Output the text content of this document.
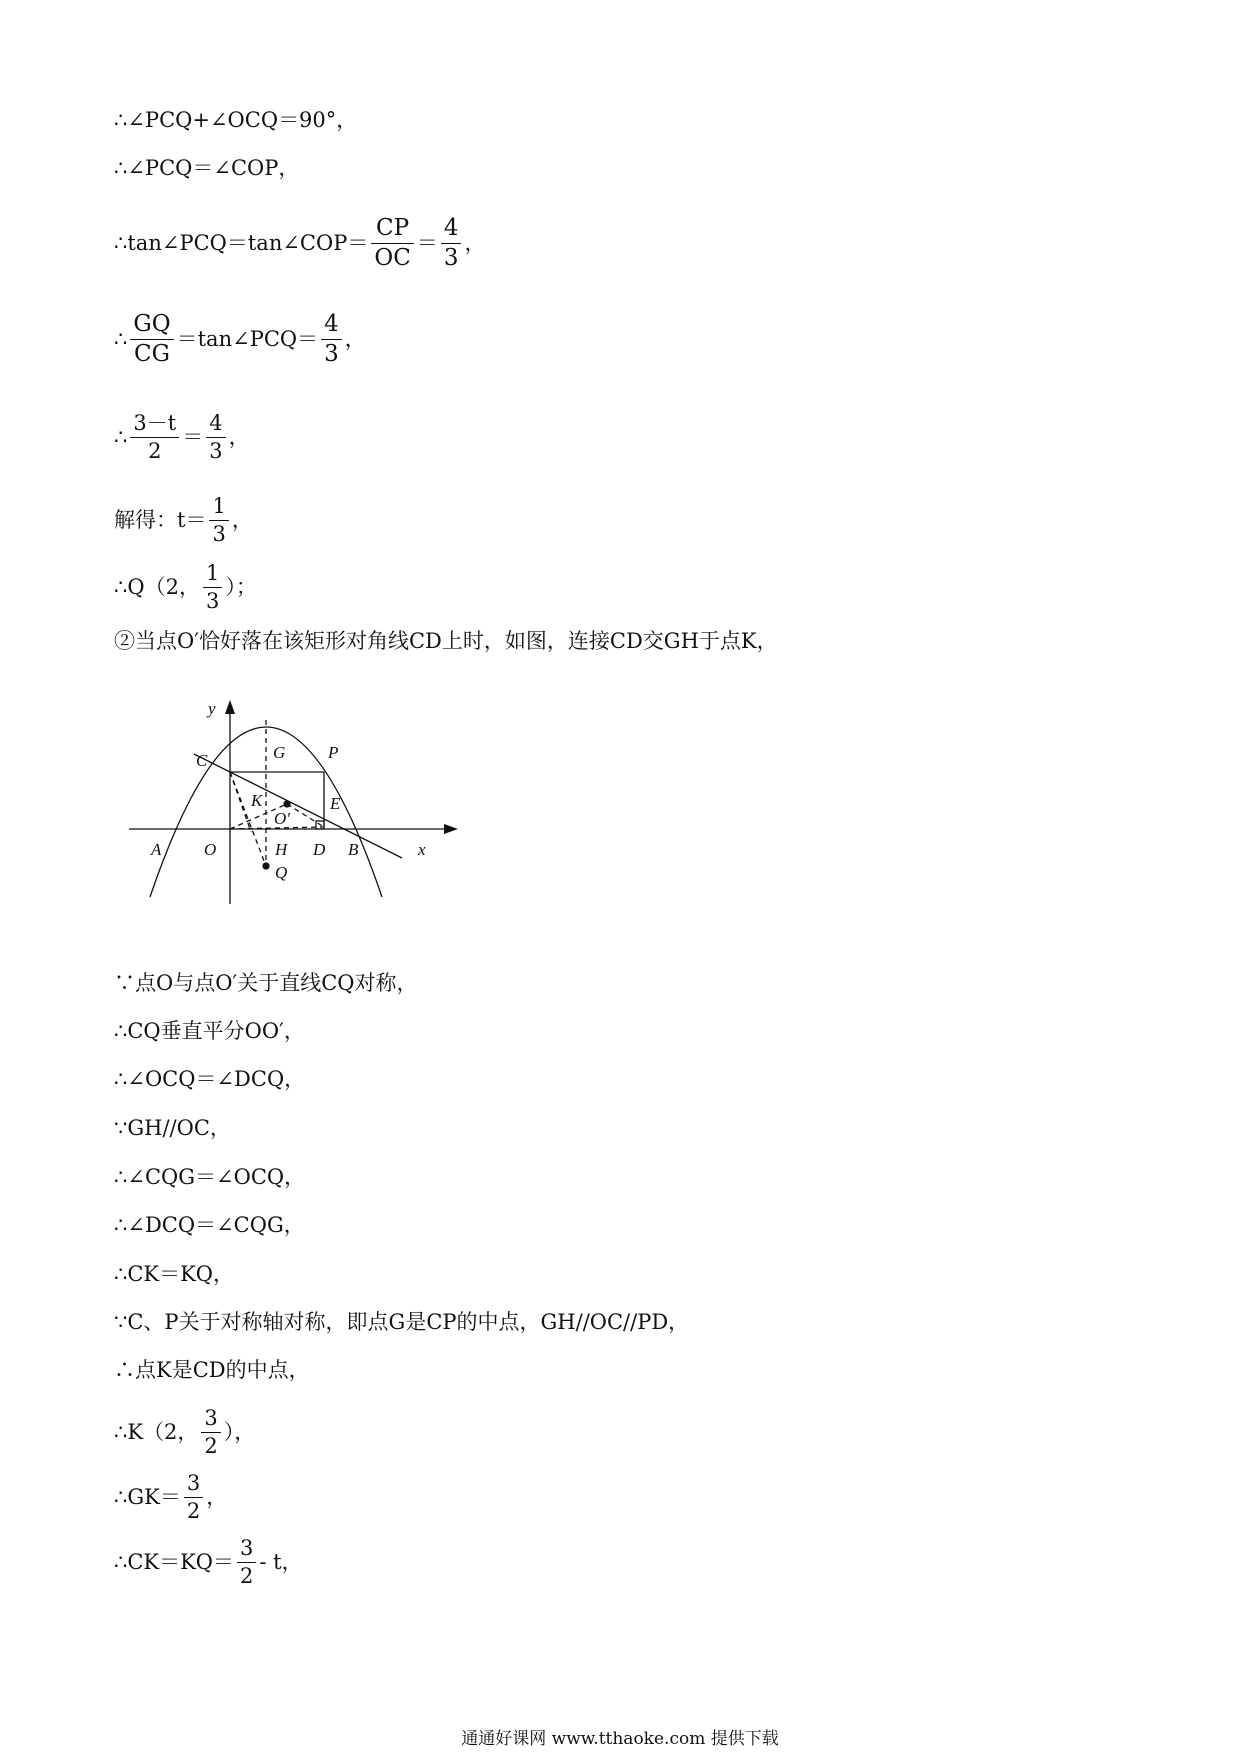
∴∠PCQ+∠OCQ＝90°，
∴∠PCQ＝∠COP，
∴tan∠PCQ＝tan∠COP＝ $\frac{CP}{OC} = \frac{4}{3}$ ，
∴ $\frac{GQ}{CG}$ ＝tan∠PCQ＝ $\frac{4}{3}$ ，
∴ $\frac{3-t}{2} = \frac{4}{3}$ ，
解得：$t= \frac{1}{3}$ ，
∴Q（2， $\frac{1}{3}$ ）；
②当点O′恰好落在该矩形对角线CD上时，如图，连接CD交GH于点K，
∵点O与点O′关于直线CQ对称，
∴CQ垂直平分OO′，
∴∠OCQ＝∠DCQ，
∵GH//OC，
∴∠CQG＝∠OCQ，
∴∠DCQ＝∠CQG，
∴CK＝KQ，
∵C、P关于对称轴对称，即点G是CP的中点，GH//OC//PD，
∴点K是CD的中点，
∴K（2， $\frac{3}{2}$ ），
∴GK＝ $\frac{3}{2}$ ，
∴CK＝KQ＝ $\frac{3}{2}$ - t，
y
x
C	G	P
K
O′
E
A	O	H D B
Q
通通好课网 www.tthaoke.com 提供下载
